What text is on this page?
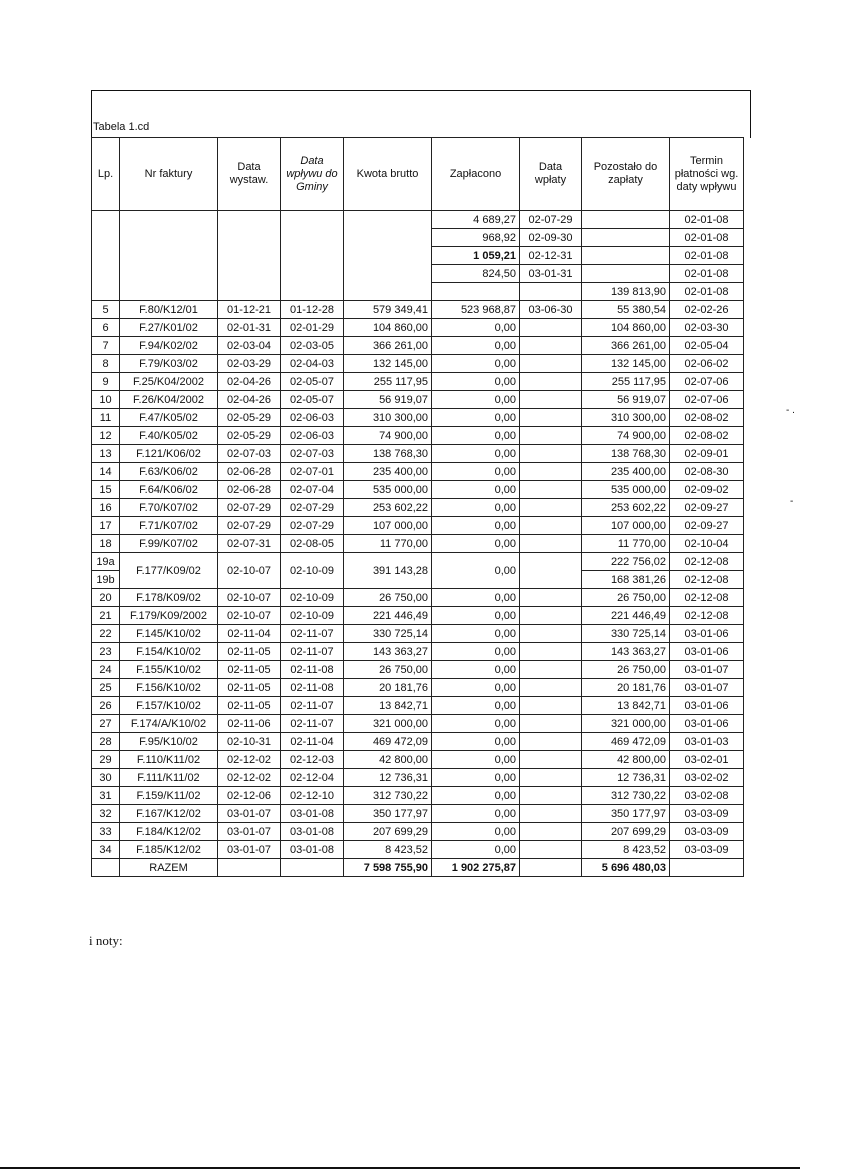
Tabela 1.cd
Lp.	Nr faktury	Data wystaw.	Data wpływu do Gminy	Kwota brutto	Zapłacono	Data wpłaty	Pozostało do zapłaty	Termin płatności wg. daty wpływu
					4 689,27	02-07-29		02-01-08
					968,92	02-09-30		02-01-08
					1 059,21	02-12-31		02-01-08
					824,50	03-01-31		02-01-08
							139 813,90	02-01-08
5	F.80/K12/01	01-12-21	01-12-28	579 349,41	523 968,87	03-06-30	55 380,54	02-02-26
6	F.27/K01/02	02-01-31	02-01-29	104 860,00	0,00		104 860,00	02-03-30
7	F.94/K02/02	02-03-04	02-03-05	366 261,00	0,00		366 261,00	02-05-04
8	F.79/K03/02	02-03-29	02-04-03	132 145,00	0,00		132 145,00	02-06-02
9	F.25/K04/2002	02-04-26	02-05-07	255 117,95	0,00		255 117,95	02-07-06
10	F.26/K04/2002	02-04-26	02-05-07	56 919,07	0,00		56 919,07	02-07-06
11	F.47/K05/02	02-05-29	02-06-03	310 300,00	0,00		310 300,00	02-08-02
12	F.40/K05/02	02-05-29	02-06-03	74 900,00	0,00		74 900,00	02-08-02
13	F.121/K06/02	02-07-03	02-07-03	138 768,30	0,00		138 768,30	02-09-01
14	F.63/K06/02	02-06-28	02-07-01	235 400,00	0,00		235 400,00	02-08-30
15	F.64/K06/02	02-06-28	02-07-04	535 000,00	0,00		535 000,00	02-09-02
16	F.70/K07/02	02-07-29	02-07-29	253 602,22	0,00		253 602,22	02-09-27
17	F.71/K07/02	02-07-29	02-07-29	107 000,00	0,00		107 000,00	02-09-27
18	F.99/K07/02	02-07-31	02-08-05	11 770,00	0,00		11 770,00	02-10-04
19a	F.177/K09/02	02-10-07	02-10-09	391 143,28	0,00		222 756,02	02-12-08
19b							168 381,26	02-12-08
20	F.178/K09/02	02-10-07	02-10-09	26 750,00	0,00		26 750,00	02-12-08
21	F.179/K09/2002	02-10-07	02-10-09	221 446,49	0,00		221 446,49	02-12-08
22	F.145/K10/02	02-11-04	02-11-07	330 725,14	0,00		330 725,14	03-01-06
23	F.154/K10/02	02-11-05	02-11-07	143 363,27	0,00		143 363,27	03-01-06
24	F.155/K10/02	02-11-05	02-11-08	26 750,00	0,00		26 750,00	03-01-07
25	F.156/K10/02	02-11-05	02-11-08	20 181,76	0,00		20 181,76	03-01-07
26	F.157/K10/02	02-11-05	02-11-07	13 842,71	0,00		13 842,71	03-01-06
27	F.174/A/K10/02	02-11-06	02-11-07	321 000,00	0,00		321 000,00	03-01-06
28	F.95/K10/02	02-10-31	02-11-04	469 472,09	0,00		469 472,09	03-01-03
29	F.110/K11/02	02-12-02	02-12-03	42 800,00	0,00		42 800,00	03-02-01
30	F.111/K11/02	02-12-02	02-12-04	12 736,31	0,00		12 736,31	03-02-02
31	F.159/K11/02	02-12-06	02-12-10	312 730,22	0,00		312 730,22	03-02-08
32	F.167/K12/02	03-01-07	03-01-08	350 177,97	0,00		350 177,97	03-03-09
33	F.184/K12/02	03-01-07	03-01-08	207 699,29	0,00		207 699,29	03-03-09
34	F.185/K12/02	03-01-07	03-01-08	8 423,52	0,00		8 423,52	03-03-09
	RAZEM			7 598 755,90	1 902 275,87		5 696 480,03	
i noty:
- .
-
